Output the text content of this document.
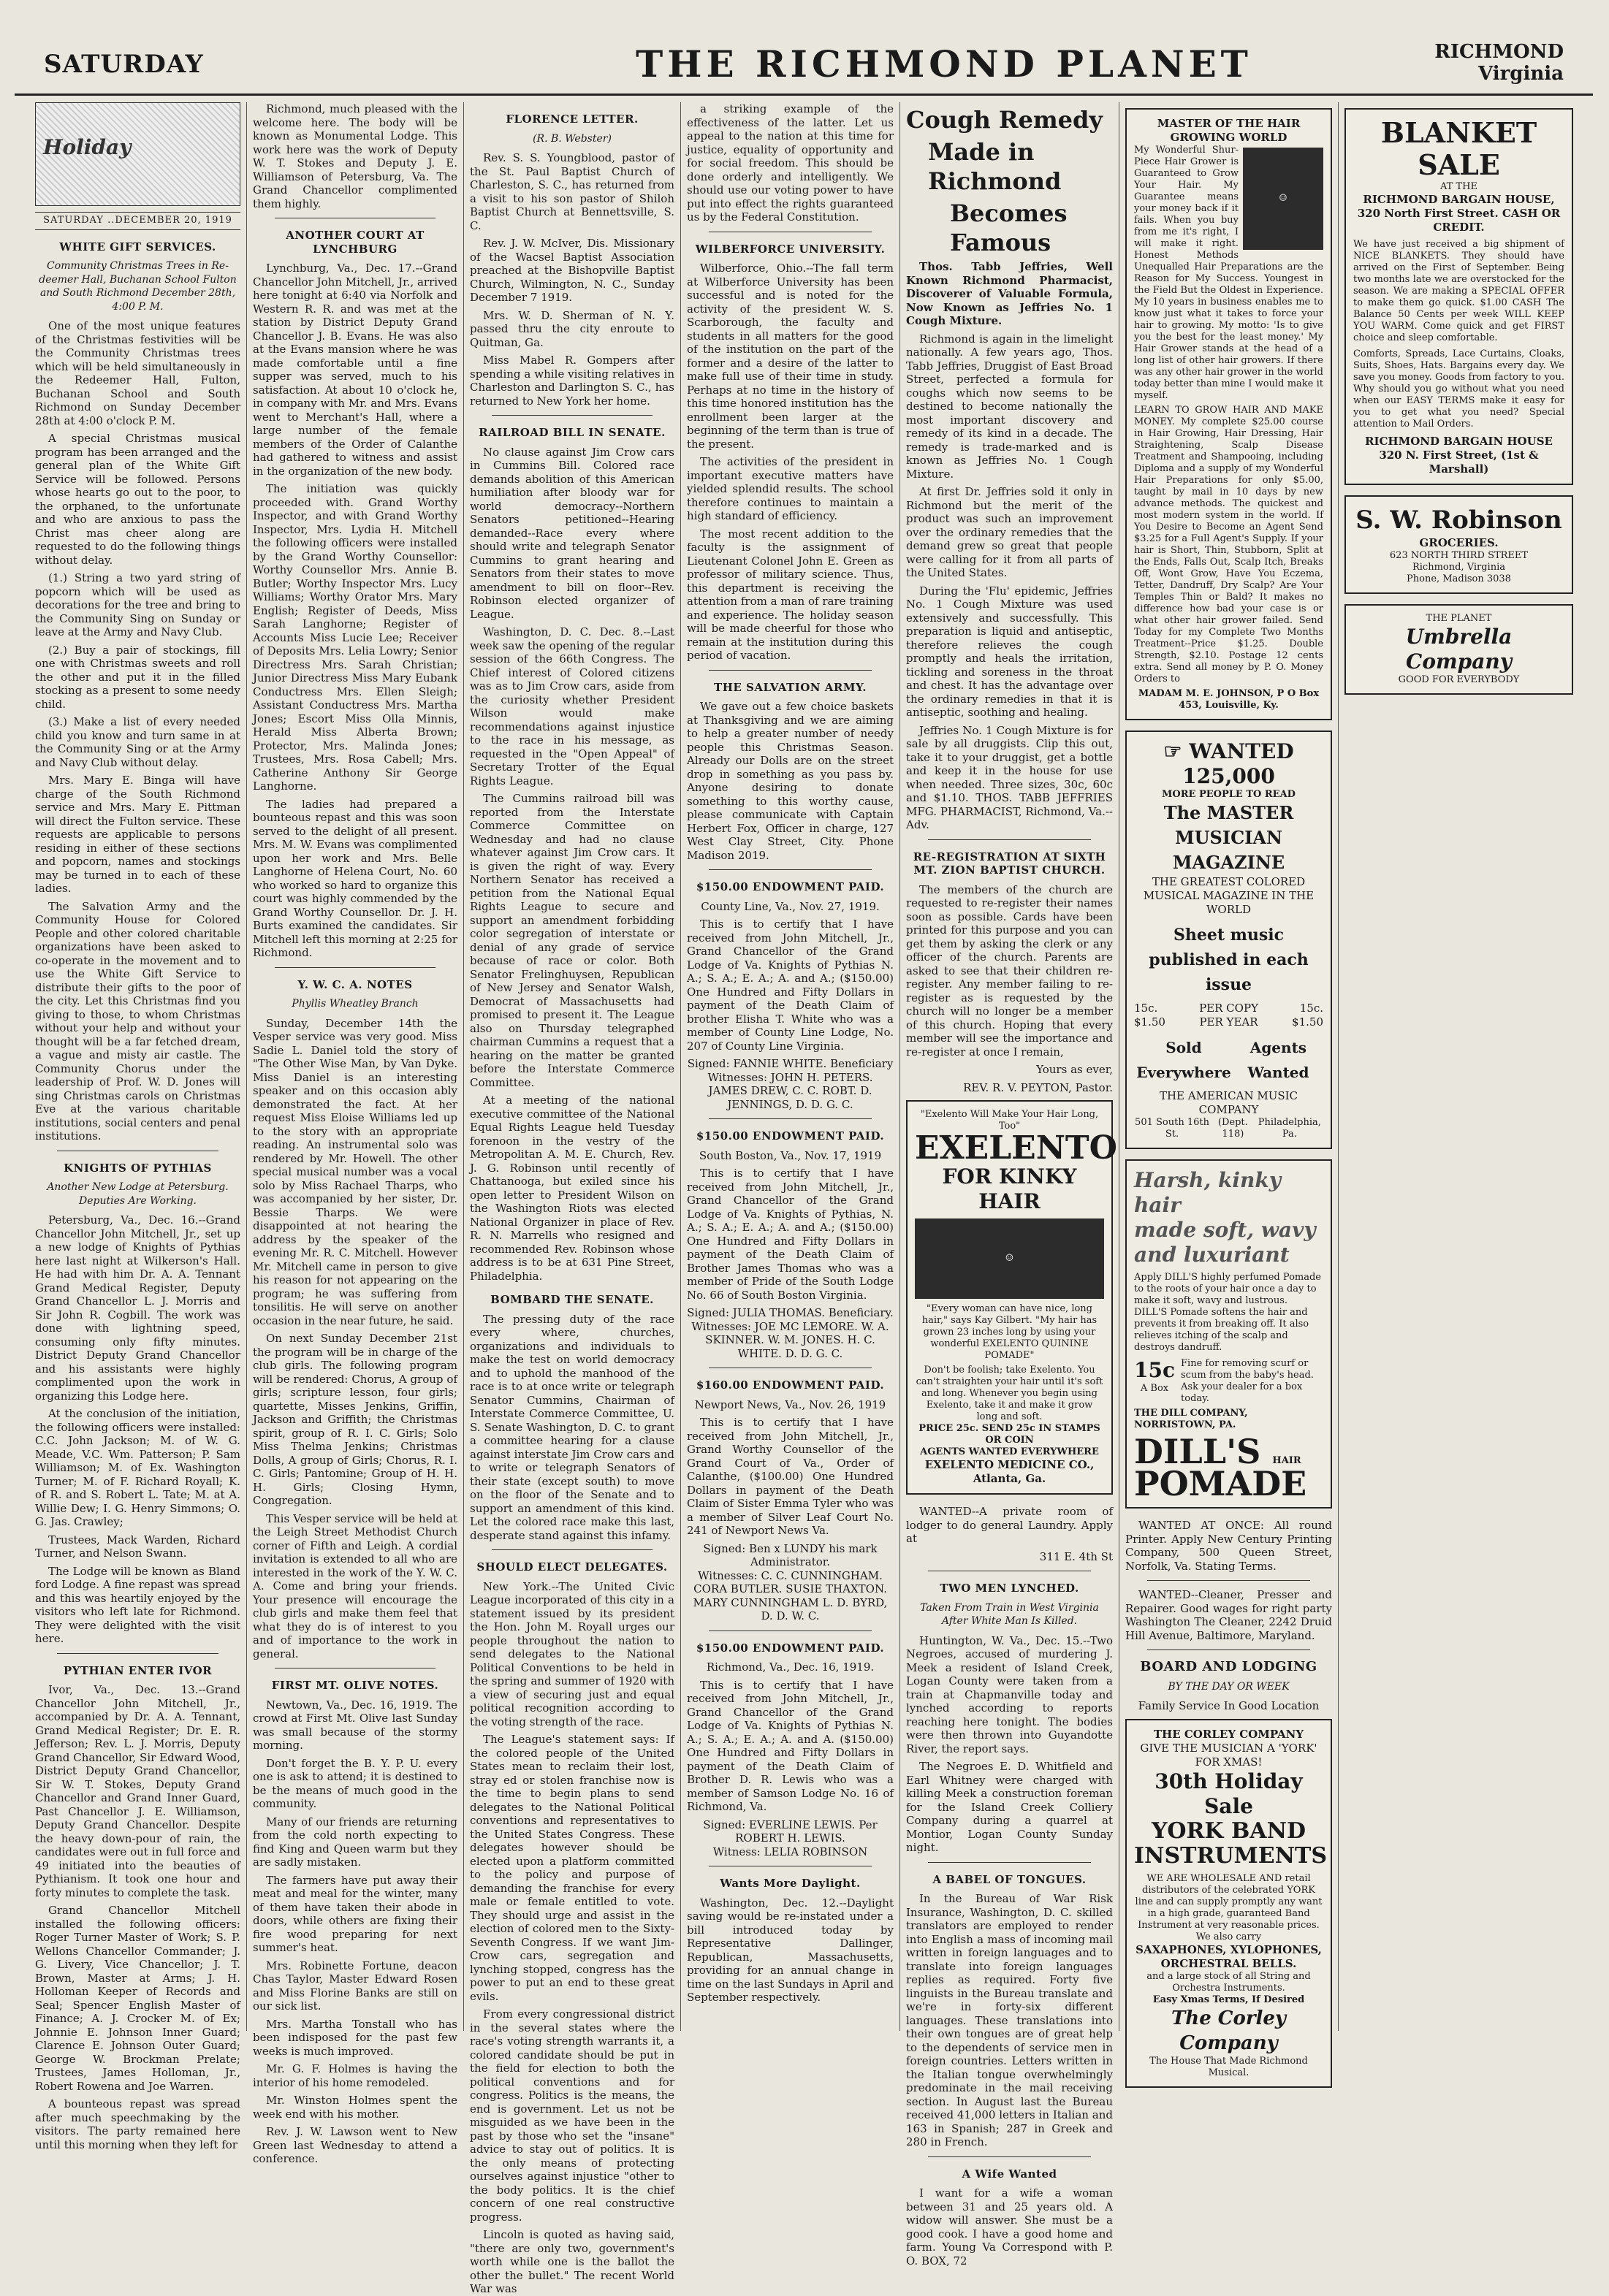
SATURDAY	THE RICHMOND PLANET	RICHMOND
Virginia
Holiday
SATURDAY ..DECEMBER 20, 1919
WHITE GIFT SERVICES.
Community Christmas Trees in Re-deemer Hall, Buchanan School Fulton and South Richmond December 28th, 4:00 P. M.

One of the most unique features of the Christmas festivities will be the Community Christmas trees which will be held simultaneously in the Redeemer Hall, Fulton, Buchanan School and South Richmond on Sunday December 28th at 4:00 o'clock P. M.

A special Christmas musical program has been arranged and the general plan of the White Gift Service will be followed. Persons whose hearts go out to the poor, to the orphaned, to the unfortunate and who are anxious to pass the Christ mas cheer along are requested to do the following things without delay.

(1.) String a two yard string of popcorn which will be used as decorations for the tree and bring to the Community Sing on Sunday or leave at the Army and Navy Club.

(2.) Buy a pair of stockings, fill one with Christmas sweets and roll the other and put it in the filled stocking as a present to some needy child.

(3.) Make a list of every needed child you know and turn same in at the Community Sing or at the Army and Navy Club without delay.

Mrs. Mary E. Binga will have charge of the South Richmond service and Mrs. Mary E. Pittman will direct the Fulton service. These requests are applicable to persons residing in either of these sections and popcorn, names and stockings may be turned in to each of these ladies.

The Salvation Army and the Community House for Colored People and other colored charitable organizations have been asked to co-operate in the movement and to use the White Gift Service to distribute their gifts to the poor of the city. Let this Christmas find you giving to those, to whom Christmas without your help and without your thought will be a far fetched dream, a vague and misty air castle. The Community Chorus under the leadership of Prof. W. D. Jones will sing Christmas carols on Christmas Eve at the various charitable institutions, social centers and penal institutions.

KNIGHTS OF PYTHIAS
Another New Lodge at Petersburg. Deputies Are Working.

Petersburg, Va., Dec. 16.--Grand Chancellor John Mitchell, Jr., set up a new lodge of Knights of Pythias here last night at Wilkerson's Hall. He had with him Dr. A. A. Tennant Grand Medical Register, Deputy Grand Chancellor L. J. Morris and Sir John R. Cogbill. The work was done with lightning speed, consuming only fifty minutes. District Deputy Grand Chancellor and his assistants were highly complimented upon the work in organizing this Lodge here.

At the conclusion of the initiation, the following officers were installed: C.C. John Jackson; M. of W. G. Meade, V.C. Wm. Patterson; P. Sam Williamson; M. of Ex. Washington Turner; M. of F. Richard Royall; K. of R. and S. Robert L. Tate; M. at A. Willie Dew; I. G. Henry Simmons; O. G. Jas. Crawley;

Trustees, Mack Warden, Richard Turner, and Nelson Swann.

The Lodge will be known as Bland ford Lodge. A fine repast was spread and this was heartily enjoyed by the visitors who left late for Richmond. They were delighted with the visit here.

PYTHIAN ENTER IVOR

Ivor, Va., Dec. 13.--Grand Chancellor John Mitchell, Jr., accompanied by Dr. A. A. Tennant, Grand Medical Register; Dr. E. R. Jefferson; Rev. L. J. Morris, Deputy Grand Chancellor, Sir Edward Wood, District Deputy Grand Chancellor, Sir W. T. Stokes, Deputy Grand Chancellor and Grand Inner Guard, Past Chancellor J. E. Williamson, Deputy Grand Chancellor. Despite the heavy down-pour of rain, the candidates were out in full force and 49 initiated into the beauties of Pythianism. It took one hour and forty minutes to complete the task.

Grand Chancellor Mitchell installed the following officers: Roger Turner Master of Work; S. P. Wellons Chancellor Commander; J. G. Livery, Vice Chancellor; J. T. Brown, Master at Arms; J. H. Holloman Keeper of Records and Seal; Spencer English Master of Finance; A. J. Crocker M. of Ex; Johnnie E. Johnson Inner Guard; Clarence E. Johnson Outer Guard; George W. Brockman Prelate; Trustees, James Holloman, Jr., Robert Rowena and Joe Warren.

A bounteous repast was spread after much speechmaking by the visitors. The party remained here until this morning when they left for

Richmond, much pleased with the welcome here. The body will be known as Monumental Lodge. This work here was the work of Deputy W. T. Stokes and Deputy J. E. Williamson of Petersburg, Va. The Grand Chancellor complimented them highly.

ANOTHER COURT AT LYNCHBURG

Lynchburg, Va., Dec. 17.--Grand Chancellor John Mitchell, Jr., arrived here tonight at 6:40 via Norfolk and Western R. R. and was met at the station by District Deputy Grand Chancellor J. B. Evans. He was also at the Evans mansion where he was made comfortable until a fine supper was served, much to his satisfaction. At about 10 o'clock he, in company with Mr. and Mrs. Evans went to Merchant's Hall, where a large number of the female members of the Order of Calanthe had gathered to witness and assist in the organization of the new body.

The initiation was quickly proceeded with. Grand Worthy Inspector, and with Grand Worthy Inspector, Mrs. Lydia H. Mitchell the following officers were installed by the Grand Worthy Counsellor: Worthy Counsellor Mrs. Annie B. Butler; Worthy Inspector Mrs. Lucy Williams; Worthy Orator Mrs. Mary English; Register of Deeds, Miss Sarah Langhorne; Register of Accounts Miss Lucie Lee; Receiver of Deposits Mrs. Lelia Lowry; Senior Directress Mrs. Sarah Christian; Junior Directress Miss Mary Eubank Conductress Mrs. Ellen Sleigh; Assistant Conductress Mrs. Martha Jones; Escort Miss Olla Minnis, Herald Miss Alberta Brown; Protector, Mrs. Malinda Jones; Trustees, Mrs. Rosa Cabell; Mrs. Catherine Anthony Sir George Langhorne.

The ladies had prepared a bounteous repast and this was soon served to the delight of all present. Mrs. M. W. Evans was complimented upon her work and Mrs. Belle Langhorne of Helena Court, No. 60 who worked so hard to organize this court was highly commended by the Grand Worthy Counsellor. Dr. J. H. Burts examined the candidates. Sir Mitchell left this morning at 2:25 for Richmond.

Y. W. C. A. NOTES
Phyllis Wheatley Branch

Sunday, December 14th the Vesper service was very good. Miss Sadie L. Daniel told the story of "The Other Wise Man, by Van Dyke. Miss Daniel is an interesting speaker and on this occasion ably demonstrated the fact. At her request Miss Eloise Williams led up to the story with an appropriate reading. An instrumental solo was rendered by Mr. Howell. The other special musical number was a vocal solo by Miss Rachael Tharps, who was accompanied by her sister, Dr. Bessie Tharps. We were disappointed at not hearing the address by the speaker of the evening Mr. R. C. Mitchell. However Mr. Mitchell came in person to give his reason for not appearing on the program; he was suffering from tonsilitis. He will serve on another occasion in the near future, he said.

On next Sunday December 21st the program will be in charge of the club girls. The following program will be rendered: Chorus, A group of girls; scripture lesson, four girls; quartette, Misses Jenkins, Griffin, Jackson and Griffith; the Christmas spirit, group of R. I. C. Girls; Solo Miss Thelma Jenkins; Christmas Dolls, A group of Girls; Chorus, R. I. C. Girls; Pantomine; Group of H. H. H. Girls; Closing Hymn, Congregation.

This Vesper service will be held at the Leigh Street Methodist Church corner of Fifth and Leigh. A cordial invitation is extended to all who are interested in the work of the Y. W. C. A. Come and bring your friends. Your presence will encourage the club girls and make them feel that what they do is of interest to you and of importance to the work in general.

FIRST MT. OLIVE NOTES.

Newtown, Va., Dec. 16, 1919. The crowd at First Mt. Olive last Sunday was small because of the stormy morning.

Don't forget the B. Y. P. U. every one is ask to attend; it is destined to be the means of much good in the community.

Many of our friends are returning from the cold north expecting to find King and Queen warm but they are sadly mistaken.

The farmers have put away their meat and meal for the winter, many of them have taken their abode in doors, while others are fixing their fire wood preparing for next summer's heat.

Mrs. Robinette Fortune, deacon Chas Taylor, Master Edward Rosen and Miss Florine Banks are still on our sick list.

Mrs. Martha Tonstall who has been indisposed for the past few weeks is much improved.

Mr. G. F. Holmes is having the interior of his home remodeled.

Mr. Winston Holmes spent the week end with his mother.

Rev. J. W. Lawson went to New Green last Wednesday to attend a conference.

FLORENCE LETTER.
(R. B. Webster)

Rev. S. S. Youngblood, pastor of the St. Paul Baptist Church of Charleston, S. C., has returned from a visit to his son pastor of Shiloh Baptist Church at Bennettsville, S. C.

Rev. J. W. McIver, Dis. Missionary of the Wacsel Baptist Association preached at the Bishopville Baptist Church, Wilmington, N. C., Sunday December 7 1919.

Mrs. W. D. Sherman of N. Y. passed thru the city enroute to Quitman, Ga.

Miss Mabel R. Gompers after spending a while visiting relatives in Charleston and Darlington S. C., has returned to New York her home.

RAILROAD BILL IN SENATE.

No clause against Jim Crow cars in Cummins Bill. Colored race demands abolition of this American humiliation after bloody war for world democracy--Northern Senators petitioned--Hearing demanded--Race every where should write and telegraph Senator Cummins to grant hearing and Senators from their states to move amendment to bill on floor--Rev. Robinson elected organizer of League.

Washington, D. C. Dec. 8.--Last week saw the opening of the regular session of the 66th Congress. The Chief interest of Colored citizens was as to Jim Crow cars, aside from the curiosity whether President Wilson would make recommendations against injustice to the race in his message, as requested in the "Open Appeal" of Secretary Trotter of the Equal Rights League.

The Cummins railroad bill was reported from the Interstate Commerce Committee on Wednesday and had no clause whatever against Jim Crow cars. It is given the right of way. Every Northern Senator has received a petition from the National Equal Rights League to secure and support an amendment forbidding color segregation of interstate or denial of any grade of service because of race or color. Both Senator Frelinghuysen, Republican of New Jersey and Senator Walsh, Democrat of Massachusetts had promised to present it. The League also on Thursday telegraphed chairman Cummins a request that a hearing on the matter be granted before the Interstate Commerce Committee.

At a meeting of the national executive committee of the National Equal Rights League held Tuesday forenoon in the vestry of the Metropolitan A. M. E. Church, Rev. J. G. Robinson until recently of Chattanooga, but exiled since his open letter to President Wilson on the Washington Riots was elected National Organizer in place of Rev. R. N. Marrells who resigned and recommended Rev. Robinson whose address is to be at 631 Pine Street, Philadelphia.

BOMBARD THE SENATE.

The pressing duty of the race every where, churches, organizations and individuals to make the test on world democracy and to uphold the manhood of the race is to at once write or telegraph Senator Cummins, Chairman of Interstate Commerce Committee, U. S. Senate Washington, D. C. to grant a committee hearing for a clause against interstate Jim Crow cars and to write or telegraph Senators of their state (except south) to move on the floor of the Senate and to support an amendment of this kind. Let the colored race make this last, desperate stand against this infamy.

SHOULD ELECT DELEGATES.

New York.--The United Civic League incorporated of this city in a statement issued by its president the Hon. John M. Royall urges our people throughout the nation to send delegates to the National Political Conventions to be held in the spring and summer of 1920 with a view of securing just and equal political recognition according to the voting strength of the race.

The League's statement says: If the colored people of the United States mean to reclaim their lost, stray ed or stolen franchise now is the time to begin plans to send delegates to the National Political conventions and representatives to the United States Congress. These delegates however should be elected upon a platform committed to the policy and purpose of demanding the franchise for every male or female entitled to vote. They should urge and assist in the election of colored men to the Sixty-Seventh Congress. If we want Jim-Crow cars, segregation and lynching stopped, congress has the power to put an end to these great evils.

From every congressional district in the several states where the race's voting strength warrants it, a colored candidate should be put in the field for election to both the political conventions and for congress. Politics is the means, the end is government. Let us not be misguided as we have been in the past by those who set the "insane" advice to stay out of politics. It is the only means of protecting ourselves against injustice "other to the body politics. It is the chief concern of one real constructive progress.

Lincoln is quoted as having said, "there are only two, government's worth while one is the ballot the other the bullet." The recent World War was

a striking example of the effectiveness of the latter. Let us appeal to the nation at this time for justice, equality of opportunity and for social freedom. This should be done orderly and intelligently. We should use our voting power to have put into effect the rights guaranteed us by the Federal Constitution.

WILBERFORCE UNIVERSITY.

Wilberforce, Ohio.--The fall term at Wilberforce University has been successful and is noted for the activity of the president W. S. Scarborough, the faculty and students in all matters for the good of the institution on the part of the former and a desire of the latter to make full use of their time in study. Perhaps at no time in the history of this time honored institution has the enrollment been larger at the beginning of the term than is true of the present.

The activities of the president in important executive matters have yielded splendid results. The school therefore continues to maintain a high standard of efficiency.

The most recent addition to the faculty is the assignment of Lieutenant Colonel John E. Green as professor of military science. Thus, this department is receiving the attention from a man of rare training and experience. The holiday season will be made cheerful for those who remain at the institution during this period of vacation.

THE SALVATION ARMY.

We gave out a few choice baskets at Thanksgiving and we are aiming to help a greater number of needy people this Christmas Season. Already our Dolls are on the street drop in something as you pass by. Anyone desiring to donate something to this worthy cause, please communicate with Captain Herbert Fox, Officer in charge, 127 West Clay Street, City. Phone Madison 2019.

$150.00 ENDOWMENT PAID.

County Line, Va., Nov. 27, 1919.

This is to certify that I have received from John Mitchell, Jr., Grand Chancellor of the Grand Lodge of Va. Knights of Pythias N. A.; S. A.; E. A.; A. and A.; ($150.00) One Hundred and Fifty Dollars in payment of the Death Claim of brother Elisha T. White who was a member of County Line Lodge, No. 207 of County Line Virginia.

Signed: FANNIE WHITE. Beneficiary

Witnesses: JOHN H. PETERS. JAMES DREW, C. C. ROBT. D. JENNINGS, D. D. G. C.

$150.00 ENDOWMENT PAID.

South Boston, Va., Nov. 17, 1919

This is to certify that I have received from John Mitchell, Jr., Grand Chancellor of the Grand Lodge of Va. Knights of Pythias, N. A.; S. A.; E. A.; A. and A.; ($150.00) One Hundred and Fifty Dollars in payment of the Death Claim of Brother James Thomas who was a member of Pride of the South Lodge No. 66 of South Boston Virginia.

Signed: JULIA THOMAS. Beneficiary.

Witnesses: JOE MC LEMORE. W. A. SKINNER. W. M. JONES. H. C. WHITE. D. D. G. C.

$160.00 ENDOWMENT PAID.

Newport News, Va., Nov. 26, 1919

This is to certify that I have received from John Mitchell, Jr., Grand Worthy Counsellor of the Grand Court of Va., Order of Calanthe, ($100.00) One Hundred Dollars in payment of the Death Claim of Sister Emma Tyler who was a member of Silver Leaf Court No. 241 of Newport News Va.

Signed: Ben x LUNDY his mark Administrator.

Witnesses: C. C. CUNNINGHAM. CORA BUTLER. SUSIE THAXTON. MARY CUNNINGHAM L. D. BYRD, D. D. W. C.

$150.00 ENDOWMENT PAID.

Richmond, Va., Dec. 16, 1919.

This is to certify that I have received from John Mitchell, Jr., Grand Chancellor of the Grand Lodge of Va. Knights of Pythias N. A.; S. A.; E. A.; A. and A. ($150.00) One Hundred and Fifty Dollars in payment of the Death Claim of Brother D. R. Lewis who was a member of Samson Lodge No. 16 of Richmond, Va.

Signed: EVERLINE LEWIS. Per ROBERT H. LEWIS.

Witness: LELIA ROBINSON

Wants More Daylight.

Washington, Dec. 12.--Daylight saving would be re-instated under a bill introduced today by Representative Dallinger, Republican, Massachusetts, providing for an annual change in time on the last Sundays in April and September respectively.

Cough Remedy
Made in Richmond
Becomes Famous

Thos. Tabb Jeffries, Well Known Richmond Pharmacist, Discoverer of Valuable Formula, Now Known as Jeffries No. 1 Cough Mixture.

Richmond is again in the limelight nationally. A few years ago, Thos. Tabb Jeffries, Druggist of East Broad Street, perfected a formula for coughs which now seems to be destined to become nationally the most important discovery and remedy of its kind in a decade. The remedy is trade-marked and is known as Jeffries No. 1 Cough Mixture.

At first Dr. Jeffries sold it only in Richmond but the merit of the product was such an improvement over the ordinary remedies that the demand grew so great that people were calling for it from all parts of the United States.

During the 'Flu' epidemic, Jeffries No. 1 Cough Mixture was used extensively and successfully. This preparation is liquid and antiseptic, therefore relieves the cough promptly and heals the irritation, tickling and soreness in the throat and chest. It has the advantage over the ordinary remedies in that it is antiseptic, soothing and healing.

Jeffries No. 1 Cough Mixture is for sale by all druggists. Clip this out, take it to your druggist, get a bottle and keep it in the house for use when needed. Three sizes, 30c, 60c and $1.10. THOS. TABB JEFFRIES MFG. PHARMACIST, Richmond, Va.--Adv.

RE-REGISTRATION AT SIXTH MT. ZION BAPTIST CHURCH.

The members of the church are requested to re-register their names soon as possible. Cards have been printed for this purpose and you can get them by asking the clerk or any officer of the church. Parents are asked to see that their children re-register. Any member failing to re-register as is requested by the church will no longer be a member of this church. Hoping that every member will see the importance and re-register at once I remain,

Yours as ever,

REV. R. V. PEYTON, Pastor.

"Exelento Will Make Your Hair Long, Too"
EXELENTO
FOR KINKY HAIR
☺
"Every woman can have nice, long hair," says Kay Gilbert. "My hair has grown 23 inches long by using your wonderful EXELENTO QUININE POMADE"
Don't be foolish; take Exelento. You can't straighten your hair until it's soft and long. Whenever you begin using Exelento, take it and make it grow long and soft.
PRICE 25c. SEND 25c IN STAMPS OR COIN
AGENTS WANTED EVERYWHERE
EXELENTO MEDICINE CO., Atlanta, Ga.

WANTED--A private room of lodger to do general Laundry. Apply at

311 E. 4th St

TWO MEN LYNCHED.
Taken From Train in West Virginia After White Man Is Killed.

Huntington, W. Va., Dec. 15.--Two Negroes, accused of murdering J. Meek a resident of Island Creek, Logan County were taken from a train at Chapmanville today and lynched according to reports reaching here tonight. The bodies were then thrown into Guyandotte River, the report says.

The Negroes E. D. Whitfield and Earl Whitney were charged with killing Meek a construction foreman for the Island Creek Colliery Company during a quarrel at Montior, Logan County Sunday night.

A BABEL OF TONGUES.

In the Bureau of War Risk Insurance, Washington, D. C. skilled translators are employed to render into English a mass of incoming mail written in foreign languages and to translate into foreign languages replies as required. Forty five linguists in the Bureau translate and we're in forty-six different languages. These translations into their own tongues are of great help to the dependents of service men in foreign countries. Letters written in the Italian tongue overwhelmingly predominate in the mail receiving section. In August last the Bureau received 41,000 letters in Italian and 163 in Spanish; 287 in Greek and 280 in French.

A Wife Wanted

I want for a wife a woman between 31 and 25 years old. A widow will answer. She must be a good cook. I have a good home and farm. Young Va Correspond with P. O. BOX, 72

MASTER OF THE HAIR GROWING WORLD
☺
My Wonderful Shur-Piece Hair Grower is Guaranteed to Grow Your Hair. My Guarantee means your money back if it fails. When you buy from me it's right, I will make it right. Honest Methods Unequalled Hair Preparations are the Reason for My Success. Youngest in the Field But the Oldest in Experience. My 10 years in business enables me to know just what it takes to force your hair to growing. My motto: 'Is to give you the best for the least money.' My Hair Grower stands at the head of a long list of other hair growers. If there was any other hair grower in the world today better than mine I would make it myself.
LEARN TO GROW HAIR AND MAKE MONEY. My complete $25.00 course in Hair Growing, Hair Dressing, Hair Straightening, Scalp Disease Treatment and Shampooing, including Diploma and a supply of my Wonderful Hair Preparations for only $5.00, taught by mail in 10 days by new advance methods. The quickest and most modern system in the world. If You Desire to Become an Agent Send $3.25 for a Full Agent's Supply. If your hair is Short, Thin, Stubborn, Split at the Ends, Falls Out, Scalp Itch, Breaks Off, Wont Grow, Have You Eczema, Tetter, Dandruff, Dry Scalp? Are Your Temples Thin or Bald? It makes no difference how bad your case is or what other hair grower failed. Send Today for my Complete Two Months Treatment--Price $1.25. Double Strength, $2.10. Postage 12 cents extra. Send all money by P. O. Money Orders to
MADAM M. E. JOHNSON, P O Box 453, Louisville, Ky.
☞ WANTED 125,000
MORE PEOPLE TO READ
The MASTER MUSICIAN MAGAZINE
THE GREATEST COLORED MUSICAL MAGAZINE IN THE WORLD
Sheet music published in each issue
15c.	PER COPY	15c.
$1.50	PER YEAR	$1.50
Sold Everywhere
Agents Wanted
THE AMERICAN MUSIC COMPANY
501 South 16th St.
(Dept. 118)
Philadelphia, Pa.
Harsh, kinky hair
made soft, wavy
and luxuriant
Apply DILL'S highly perfumed Pomade to the roots of your hair once a day to make it soft, wavy and lustrous. DILL'S Pomade softens the hair and prevents it from breaking off. It also relieves itching of the scalp and destroys dandruff.
15c
A Box
Fine for removing scurf or scum from the baby's head. Ask your dealer for a box today.
THE DILL COMPANY, NORRISTOWN, PA.
DILL'S HAIR
POMADE

WANTED AT ONCE: All round Printer. Apply New Century Printing Company, 500 Queen Street, Norfolk, Va. Stating Terms.

WANTED--Cleaner, Presser and Repairer. Good wages for right party Washington The Cleaner, 2242 Druid Hill Avenue, Baltimore, Maryland.

BOARD AND LODGING
BY THE DAY OR WEEK

Family Service In Good Location

THE CORLEY COMPANY
GIVE THE MUSICIAN A 'YORK' FOR XMAS!
30th Holiday Sale
YORK BAND INSTRUMENTS
WE ARE WHOLESALE AND retail distributors of the celebrated YORK line and can supply promptly any want in a high grade, guaranteed Band Instrument at very reasonable prices.
We also carry
SAXAPHONES, XYLOPHONES, ORCHESTRAL BELLS.
and a large stock of all String and Orchestra Instruments.
Easy Xmas Terms, If Desired
The Corley Company
The House That Made Richmond Musical.
BLANKET SALE
AT THE
RICHMOND BARGAIN HOUSE, 320 North First Street. CASH OR CREDIT.
We have just received a big shipment of NICE BLANKETS. They should have arrived on the First of September. Being two months late we are overstocked for the season. We are making a SPECIAL OFFER to make them go quick. $1.00 CASH The Balance 50 Cents per week WILL KEEP YOU WARM. Come quick and get FIRST choice and sleep comfortable.
Comforts, Spreads, Lace Curtains, Cloaks, Suits, Shoes, Hats. Bargains every day. We save you money. Goods from factory to you. Why should you go without what you need when our EASY TERMS make it easy for you to get what you need? Special attention to Mail Orders.
RICHMOND BARGAIN HOUSE 320 N. First Street, (1st & Marshall)
S. W. Robinson
GROCERIES.
623 NORTH THIRD STREET
Richmond, Virginia
Phone, Madison 3038
THE PLANET
Umbrella Company
GOOD FOR EVERYBODY
